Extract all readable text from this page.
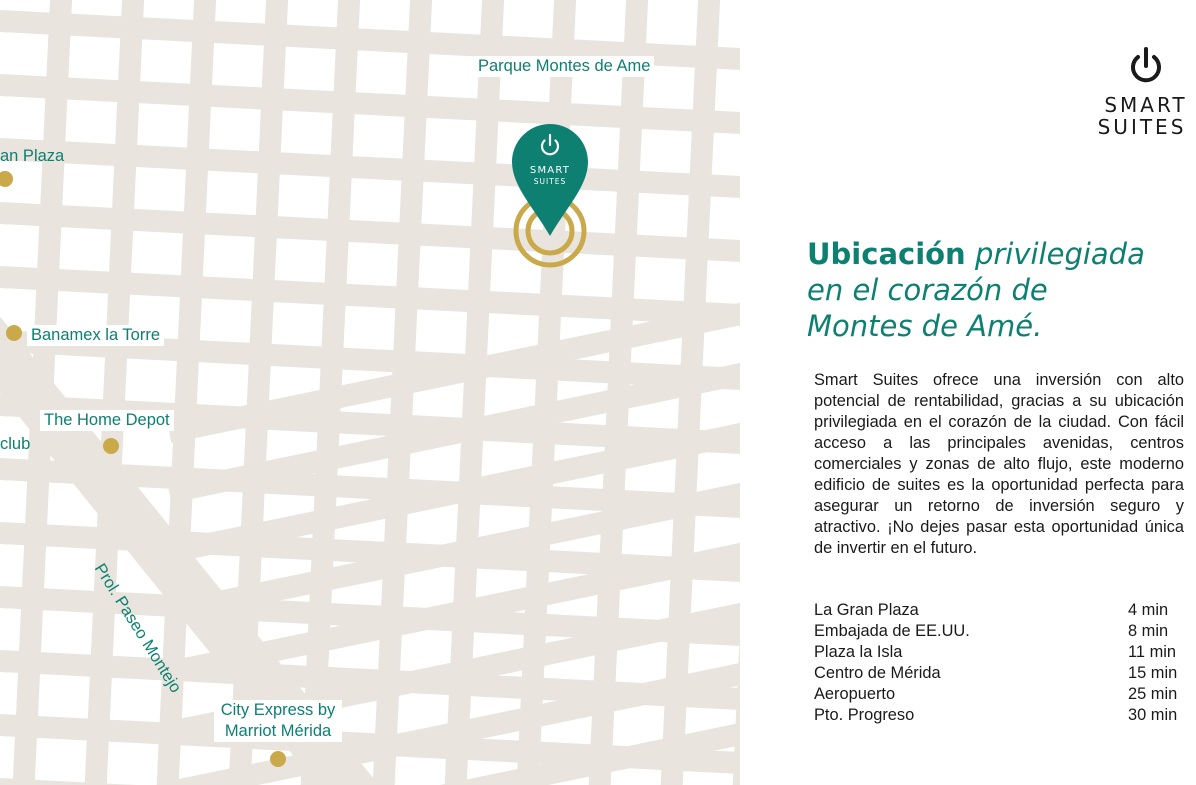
Parque Montes de Ame
an Plaza
Banamex la Torre
The Home Depot
club
City Express by Marriot Mérida
Prol. Paseo Montejo
SMART
SUITES
SMART
SUITES
Ubicación privilegiada
en el corazón de
Montes de Amé.
Smart Suites ofrece una inversión con alto potencial de rentabilidad, gracias a su ubicación privilegiada en el corazón de la ciudad. Con fácil acceso a las principales avenidas, centros comerciales y zonas de alto flujo, este moderno edificio de suites es la oportunidad perfecta para asegurar un retorno de inversión seguro y atractivo. ¡No dejes pasar esta oportunidad única de invertir en el futuro.
La Gran Plaza	4 min
Embajada de EE.UU.	8 min
Plaza la Isla	11 min
Centro de Mérida	15 min
Aeropuerto	25 min
Pto. Progreso	30 min
